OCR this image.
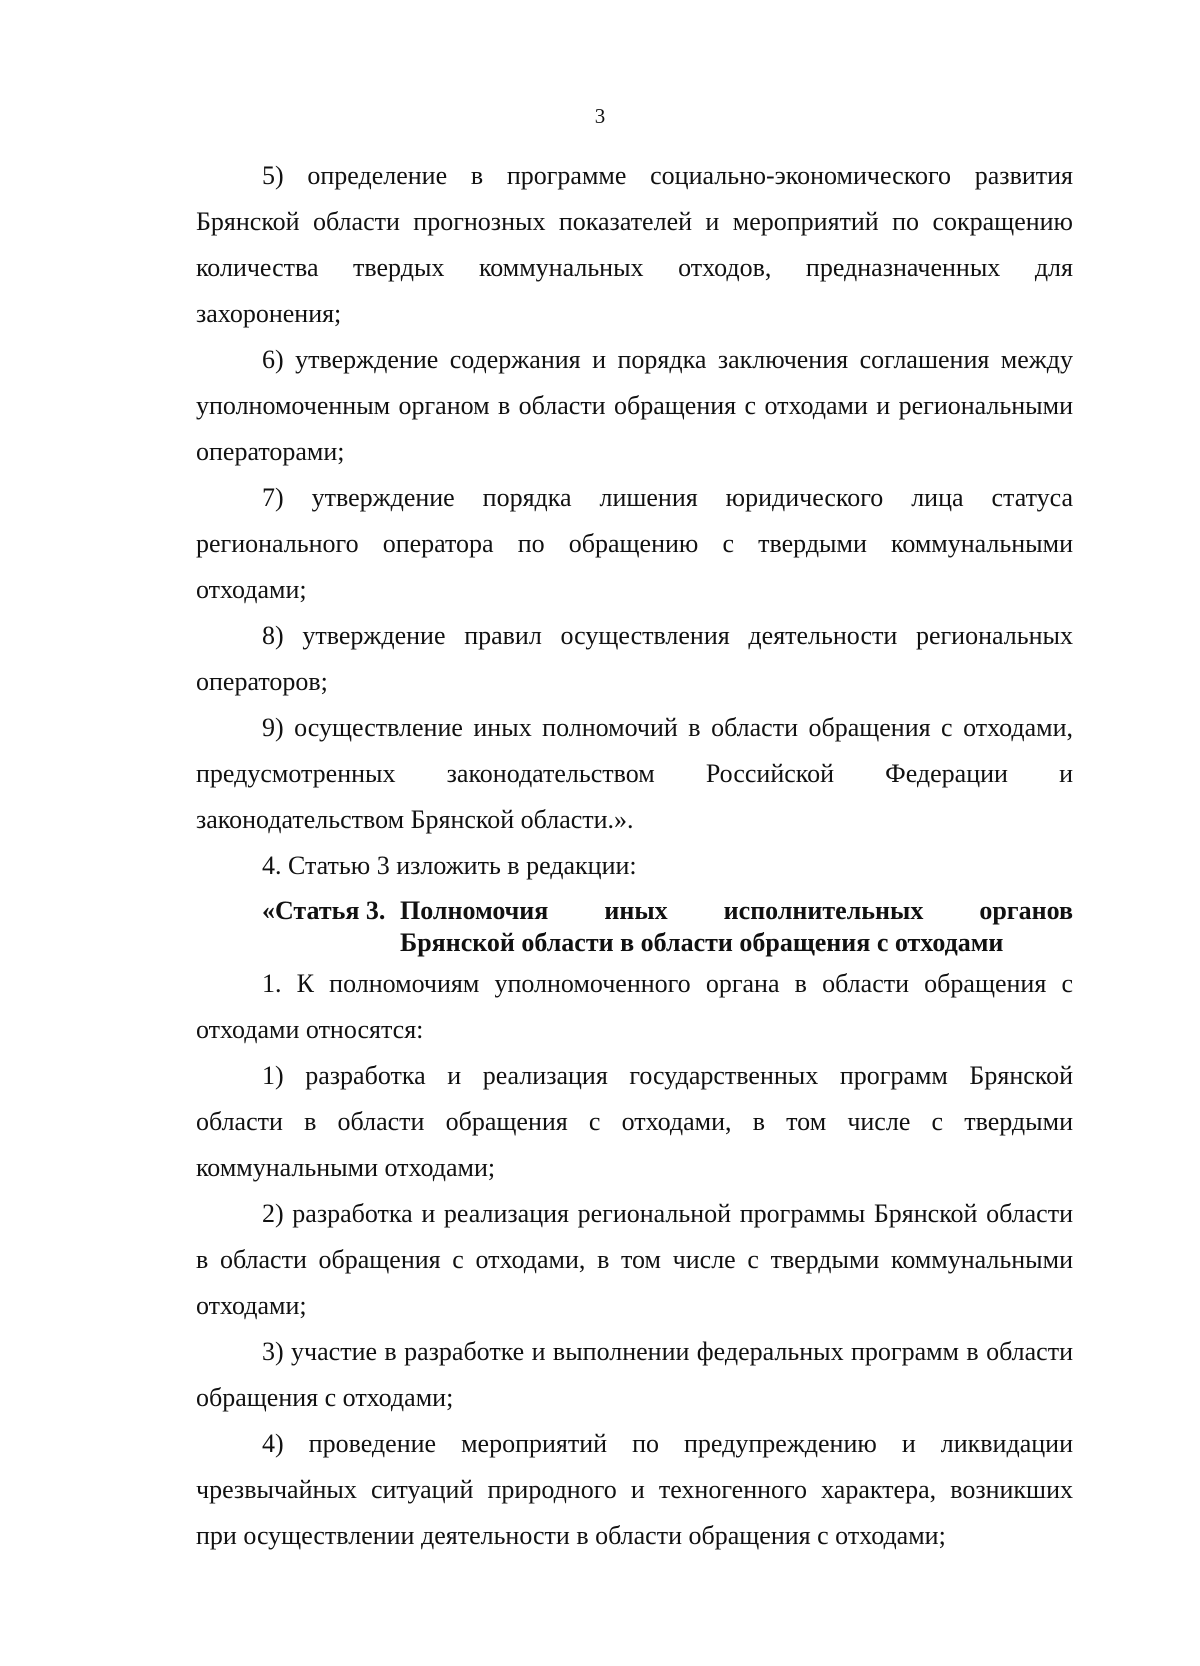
3

5) определение в программе социально-экономического развития Брянской области прогнозных показателей и мероприятий по сокращению количества твердых коммунальных отходов, предназначенных для захоронения;

6) утверждение содержания и порядка заключения соглашения между уполномоченным органом в области обращения с отходами и региональными операторами;

7) утверждение порядка лишения юридического лица статуса регионального оператора по обращению с твердыми коммунальными отходами;

8) утверждение правил осуществления деятельности региональных операторов;

9) осуществление иных полномочий в области обращения с отходами, предусмотренных законодательством Российской Федерации и законодательством Брянской области.».

4. Статью 3 изложить в редакции:

«Статья 3. Полномочия иных исполнительных органов
Брянской области в области обращения с отходами

1. К полномочиям уполномоченного органа в области обращения с отходами относятся:

1) разработка и реализация государственных программ Брянской области в области обращения с отходами, в том числе с твердыми коммунальными отходами;

2) разработка и реализация региональной программы Брянской области в области обращения с отходами, в том числе с твердыми коммунальными отходами;

3) участие в разработке и выполнении федеральных программ в области обращения с отходами;

4) проведение мероприятий по предупреждению и ликвидации чрезвычайных ситуаций природного и техногенного характера, возникших при осуществлении деятельности в области обращения с отходами;
